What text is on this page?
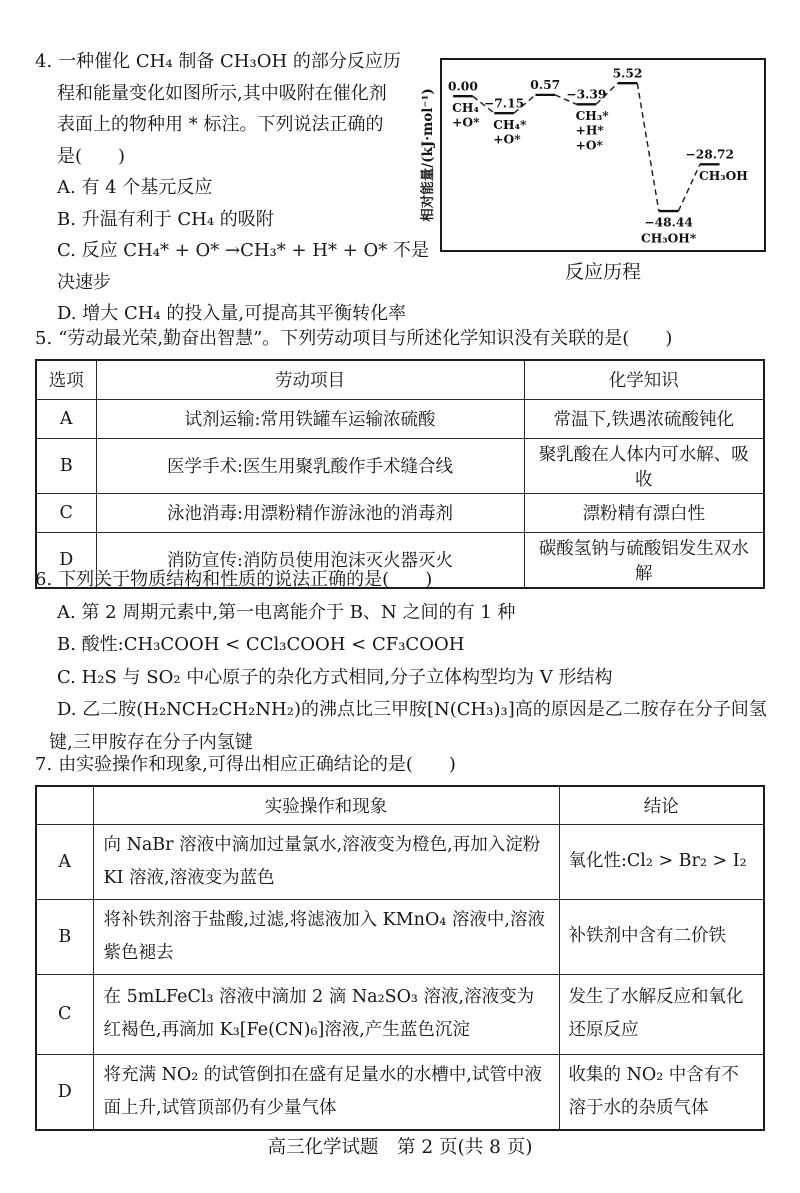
4. 一种催化 CH₄ 制备 CH₃OH 的部分反应历
程和能量变化如图所示,其中吸附在催化剂
表面上的物种用 * 标注。下列说法正确的
是(　　)
A. 有 4 个基元反应
B. 升温有利于 CH₄ 的吸附
C. 反应 CH₄* + O* →CH₃* + H* + O* 不是
决速步
D. 增大 CH₄ 的投入量,可提高其平衡转化率
相对能量/(kJ·mol⁻¹)
0.00
CH₄
+O*
−7.15
CH₄*
+O*
0.57
−3.39
CH₃*
+H*
+O*
5.52
−48.44
CH₃OH*
−28.72
CH₃OH
反应历程
5. “劳动最光荣,勤奋出智慧”。下列劳动项目与所述化学知识没有关联的是(　　)
选项	劳动项目	化学知识
A	试剂运输:常用铁罐车运输浓硫酸	常温下,铁遇浓硫酸钝化
B	医学手术:医生用聚乳酸作手术缝合线	聚乳酸在人体内可水解、吸收
C	泳池消毒:用漂粉精作游泳池的消毒剂	漂粉精有漂白性
D	消防宣传:消防员使用泡沫灭火器灭火	碳酸氢钠与硫酸铝发生双水解
6. 下列关于物质结构和性质的说法正确的是(　　)
A. 第 2 周期元素中,第一电离能介于 B、N 之间的有 1 种
B. 酸性:CH₃COOH < CCl₃COOH < CF₃COOH
C. H₂S 与 SO₂ 中心原子的杂化方式相同,分子立体构型均为 V 形结构
D. 乙二胺(H₂NCH₂CH₂NH₂)的沸点比三甲胺[N(CH₃)₃]高的原因是乙二胺存在分子间氢
键,三甲胺存在分子内氢键
7. 由实验操作和现象,可得出相应正确结论的是(　　)
	实验操作和现象	结论
A	向 NaBr 溶液中滴加过量氯水,溶液变为橙色,再加入淀粉 KI 溶液,溶液变为蓝色	氧化性:Cl₂ > Br₂ > I₂
B	将补铁剂溶于盐酸,过滤,将滤液加入 KMnO₄ 溶液中,溶液紫色褪去	补铁剂中含有二价铁
C	在 5mLFeCl₃ 溶液中滴加 2 滴 Na₂SO₃ 溶液,溶液变为红褐色,再滴加 K₃[Fe(CN)₆]溶液,产生蓝色沉淀	发生了水解反应和氧化还原反应
D	将充满 NO₂ 的试管倒扣在盛有足量水的水槽中,试管中液面上升,试管顶部仍有少量气体	收集的 NO₂ 中含有不溶于水的杂质气体
高三化学试题　第 2 页(共 8 页)
